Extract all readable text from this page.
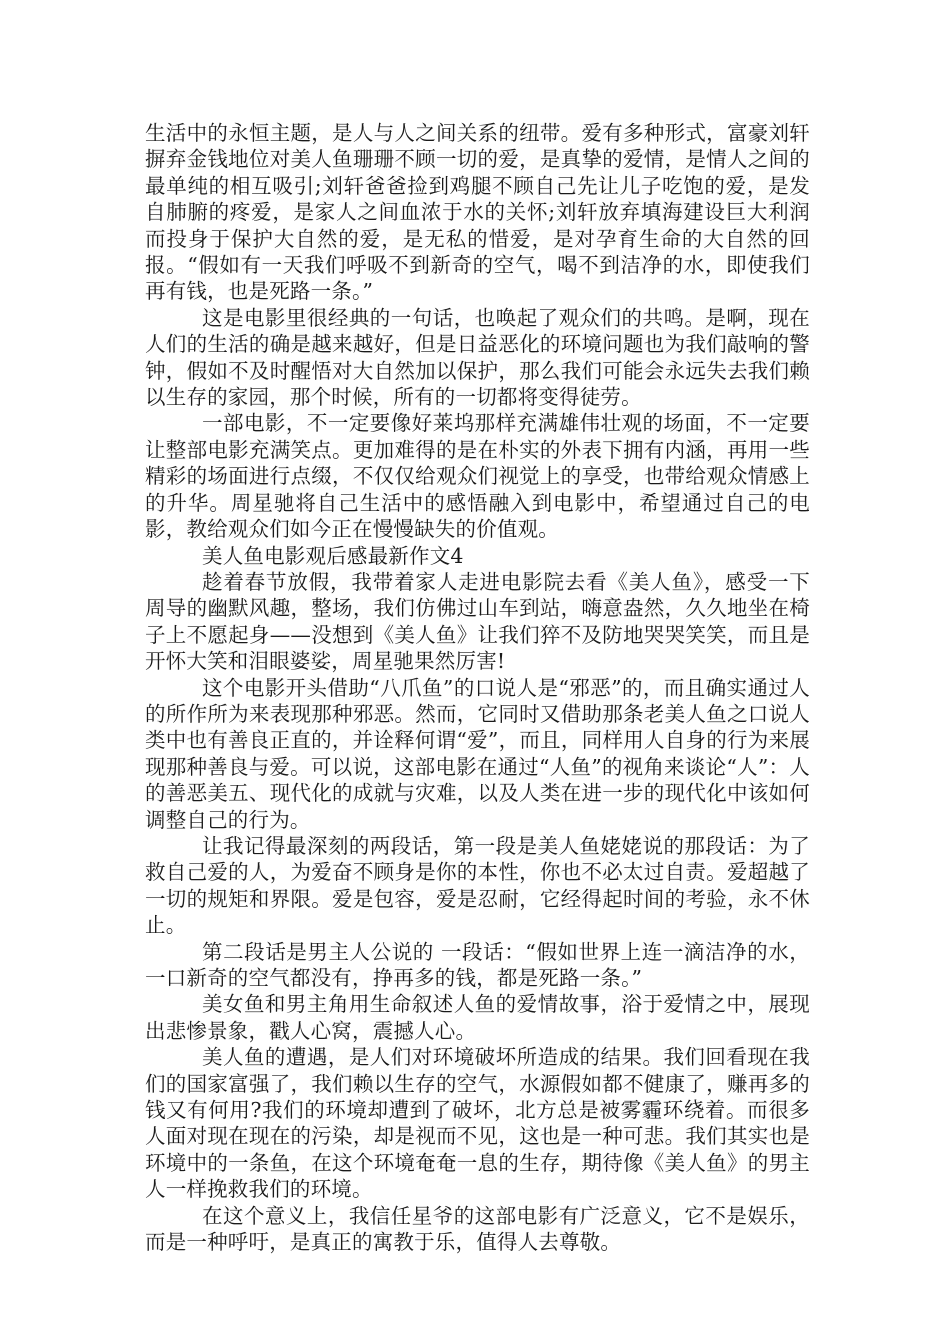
生活中的永恒主题，是人与人之间关系的纽带。爱有多种形式，富豪刘轩摒弃金钱地位对美人鱼珊珊不顾一切的爱，是真挚的爱情，是情人之间的最单纯的相互吸引;刘轩爸爸捡到鸡腿不顾自己先让儿子吃饱的爱，是发自肺腑的疼爱，是家人之间血浓于水的关怀;刘轩放弃填海建设巨大利润而投身于保护大自然的爱，是无私的惜爱，是对孕育生命的大自然的回报。“假如有一天我们呼吸不到新奇的空气，喝不到洁净的水，即使我们再有钱，也是死路一条。”

这是电影里很经典的一句话，也唤起了观众们的共鸣。是啊，现在人们的生活的确是越来越好，但是日益恶化的环境问题也为我们敲响的警钟，假如不及时醒悟对大自然加以保护，那么我们可能会永远失去我们赖以生存的家园，那个时候，所有的一切都将变得徒劳。

一部电影，不一定要像好莱坞那样充满雄伟壮观的场面，不一定要让整部电影充满笑点。更加难得的是在朴实的外表下拥有内涵，再用一些精彩的场面进行点缀，不仅仅给观众们视觉上的享受，也带给观众情感上的升华。周星驰将自己生活中的感悟融入到电影中，希望通过自己的电影，教给观众们如今正在慢慢缺失的价值观。

美人鱼电影观后感最新作文4

趁着春节放假，我带着家人走进电影院去看《美人鱼》，感受一下周导的幽默风趣，整场，我们仿佛过山车到站，嗨意盎然，久久地坐在椅子上不愿起身——没想到《美人鱼》让我们猝不及防地哭哭笑笑，而且是开怀大笑和泪眼婆娑，周星驰果然厉害!

这个电影开头借助“八爪鱼”的口说人是“邪恶”的，而且确实通过人的所作所为来表现那种邪恶。然而，它同时又借助那条老美人鱼之口说人类中也有善良正直的，并诠释何谓“爱”，而且，同样用人自身的行为来展现那种善良与爱。可以说，这部电影在通过“人鱼”的视角来谈论“人”：人的善恶美五、现代化的成就与灾难，以及人类在进一步的现代化中该如何调整自己的行为。

让我记得最深刻的两段话，第一段是美人鱼姥姥说的那段话：为了救自己爱的人，为爱奋不顾身是你的本性，你也不必太过自责。爱超越了一切的规矩和界限。爱是包容，爱是忍耐，它经得起时间的考验，永不休止。

第二段话是男主人公说的 一段话：“假如世界上连一滴洁净的水，一口新奇的空气都没有，挣再多的钱，都是死路一条。”

美女鱼和男主角用生命叙述人鱼的爱情故事，浴于爱情之中，展现出悲惨景象，戳人心窝，震撼人心。

美人鱼的遭遇，是人们对环境破坏所造成的结果。我们回看现在我们的国家富强了，我们赖以生存的空气，水源假如都不健康了，赚再多的钱又有何用?我们的环境却遭到了破坏，北方总是被雾霾环绕着。而很多人面对现在现在的污染，却是视而不见，这也是一种可悲。我们其实也是环境中的一条鱼，在这个环境奄奄一息的生存，期待像《美人鱼》的男主人一样挽救我们的环境。

在这个意义上，我信任星爷的这部电影有广泛意义，它不是娱乐，而是一种呼吁，是真正的寓教于乐，值得人去尊敬。
